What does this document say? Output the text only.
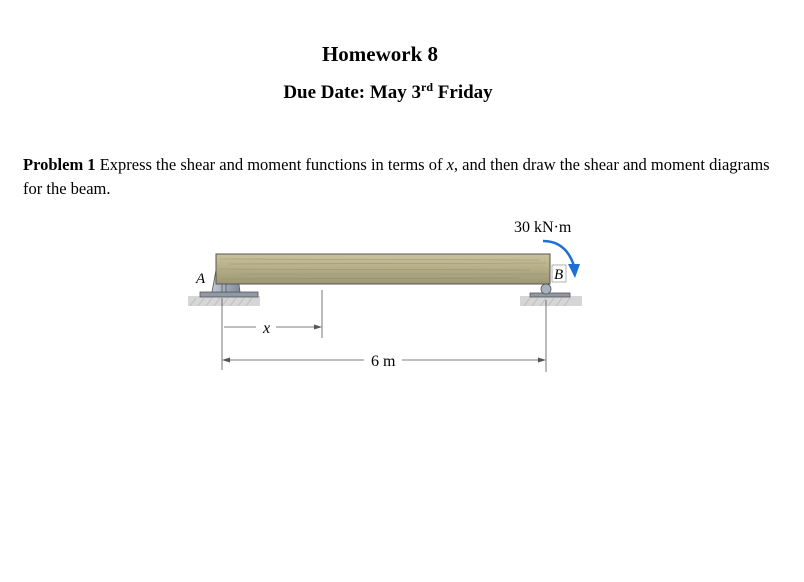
Homework 8
Due Date: May 3rd Friday
Problem 1 Express the shear and moment functions in terms of x, and then draw the shear and moment diagrams for the beam.
30 kN·m
A	B
x
6 m
